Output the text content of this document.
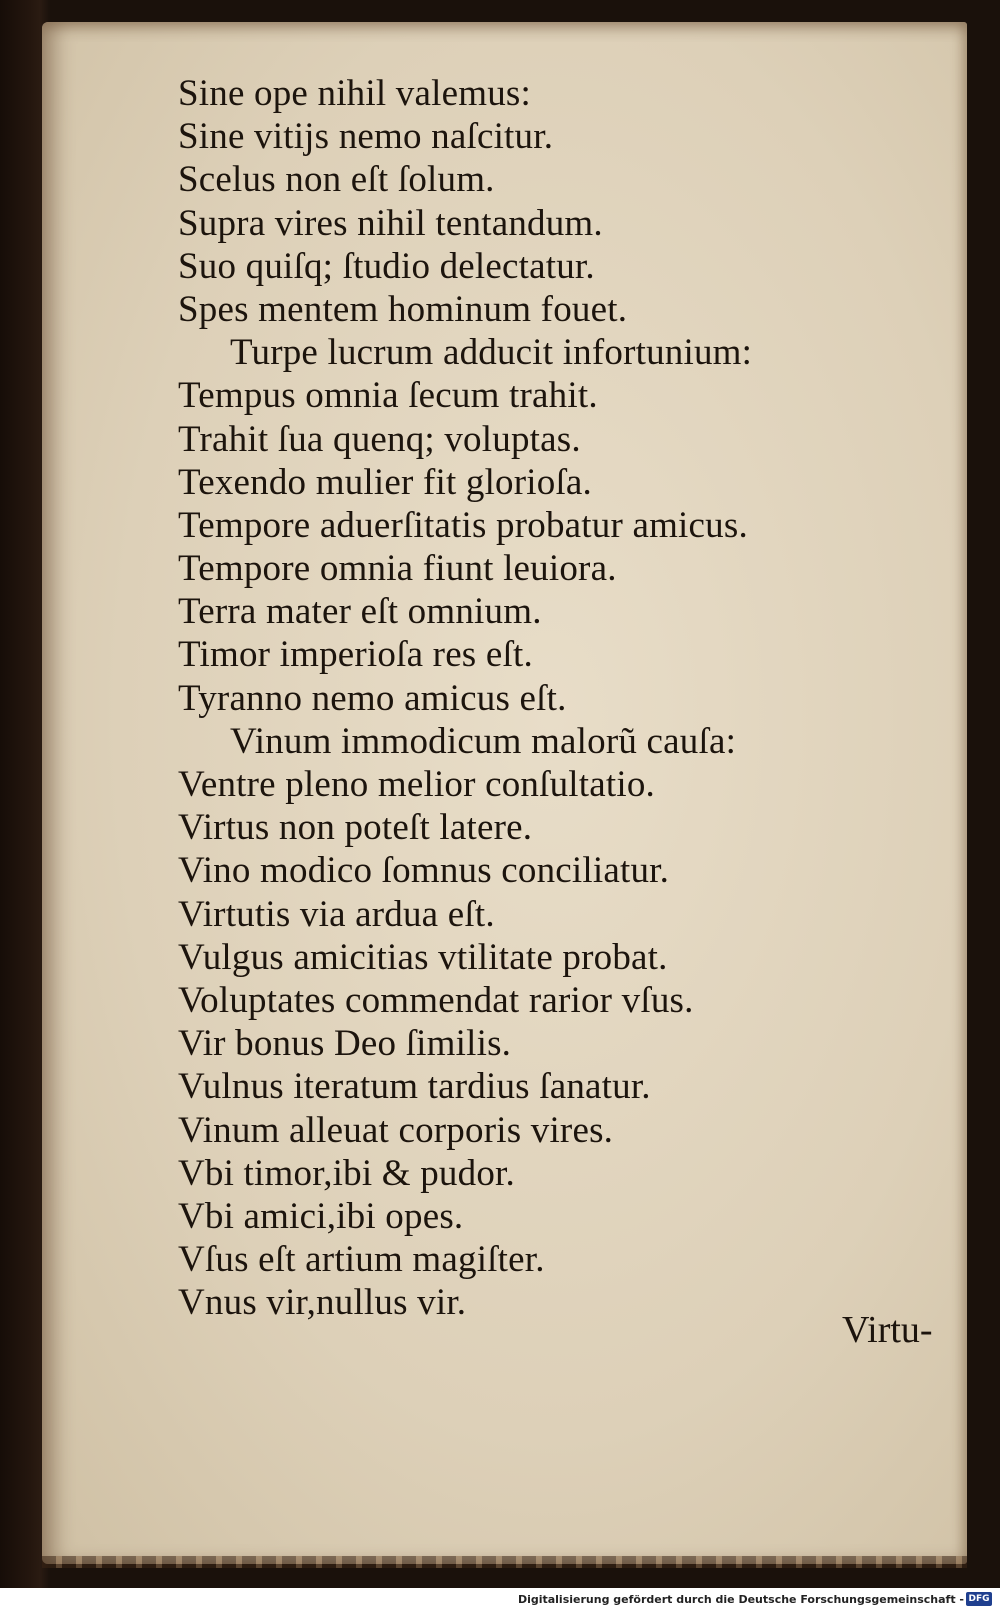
Sine ope nihil valemus:
Sine vitijs nemo naſcitur.
Scelus non eſt ſolum.
Supra vires nihil tentandum.
Suo quiſq; ſtudio delectatur.
Spes mentem hominum fouet.
Turpe lucrum adducit infortunium:
Tempus omnia ſecum trahit.
Trahit ſua quenq; voluptas.
Texendo mulier fit glorioſa.
Tempore aduerſitatis probatur amicus.
Tempore omnia fiunt leuiora.
Terra mater eſt omnium.
Timor imperioſa res eſt.
Tyranno nemo amicus eſt.
Vinum immodicum malorũ cauſa:
Ventre pleno melior conſultatio.
Virtus non poteſt latere.
Vino modico ſomnus conciliatur.
Virtutis via ardua eſt.
Vulgus amicitias vtilitate probat.
Voluptates commendat rarior vſus.
Vir bonus Deo ſimilis.
Vulnus iteratum tardius ſanatur.
Vinum alleuat corporis vires.
Vbi timor,ibi & pudor.
Vbi amici,ibi opes.
Vſus eſt artium magiſter.
Vnus vir,nullus vir.
Virtu-
Digitalisierung gefördert durch die Deutsche Forschungsgemeinschaft - DFG
